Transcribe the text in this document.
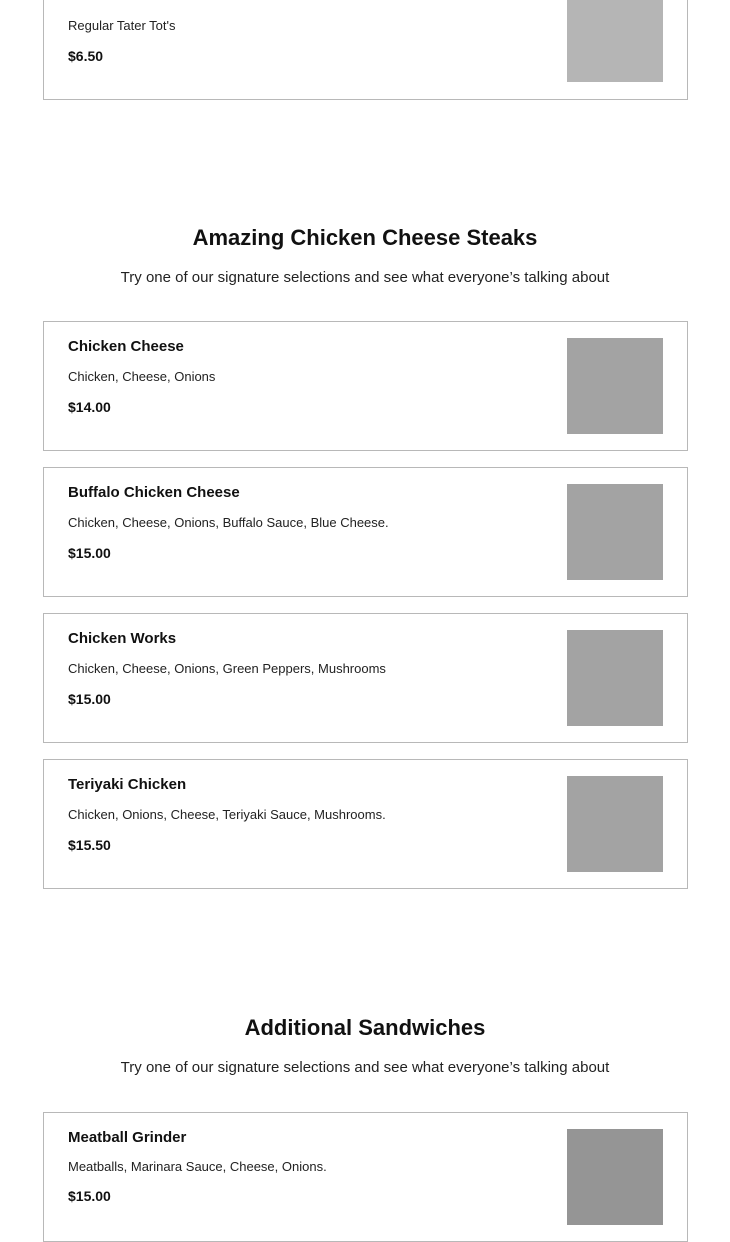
Regular Tater Tot's
$6.50
Amazing Chicken Cheese Steaks
Try one of our signature selections and see what everyone’s talking about
Chicken Cheese
Chicken, Cheese, Onions
$14.00
Buffalo Chicken Cheese
Chicken, Cheese, Onions, Buffalo Sauce, Blue Cheese.
$15.00
Chicken Works
Chicken, Cheese, Onions, Green Peppers, Mushrooms
$15.00
Teriyaki Chicken
Chicken, Onions, Cheese, Teriyaki Sauce, Mushrooms.
$15.50
Additional Sandwiches
Try one of our signature selections and see what everyone’s talking about
Meatball Grinder
Meatballs, Marinara Sauce, Cheese, Onions.
$15.00
